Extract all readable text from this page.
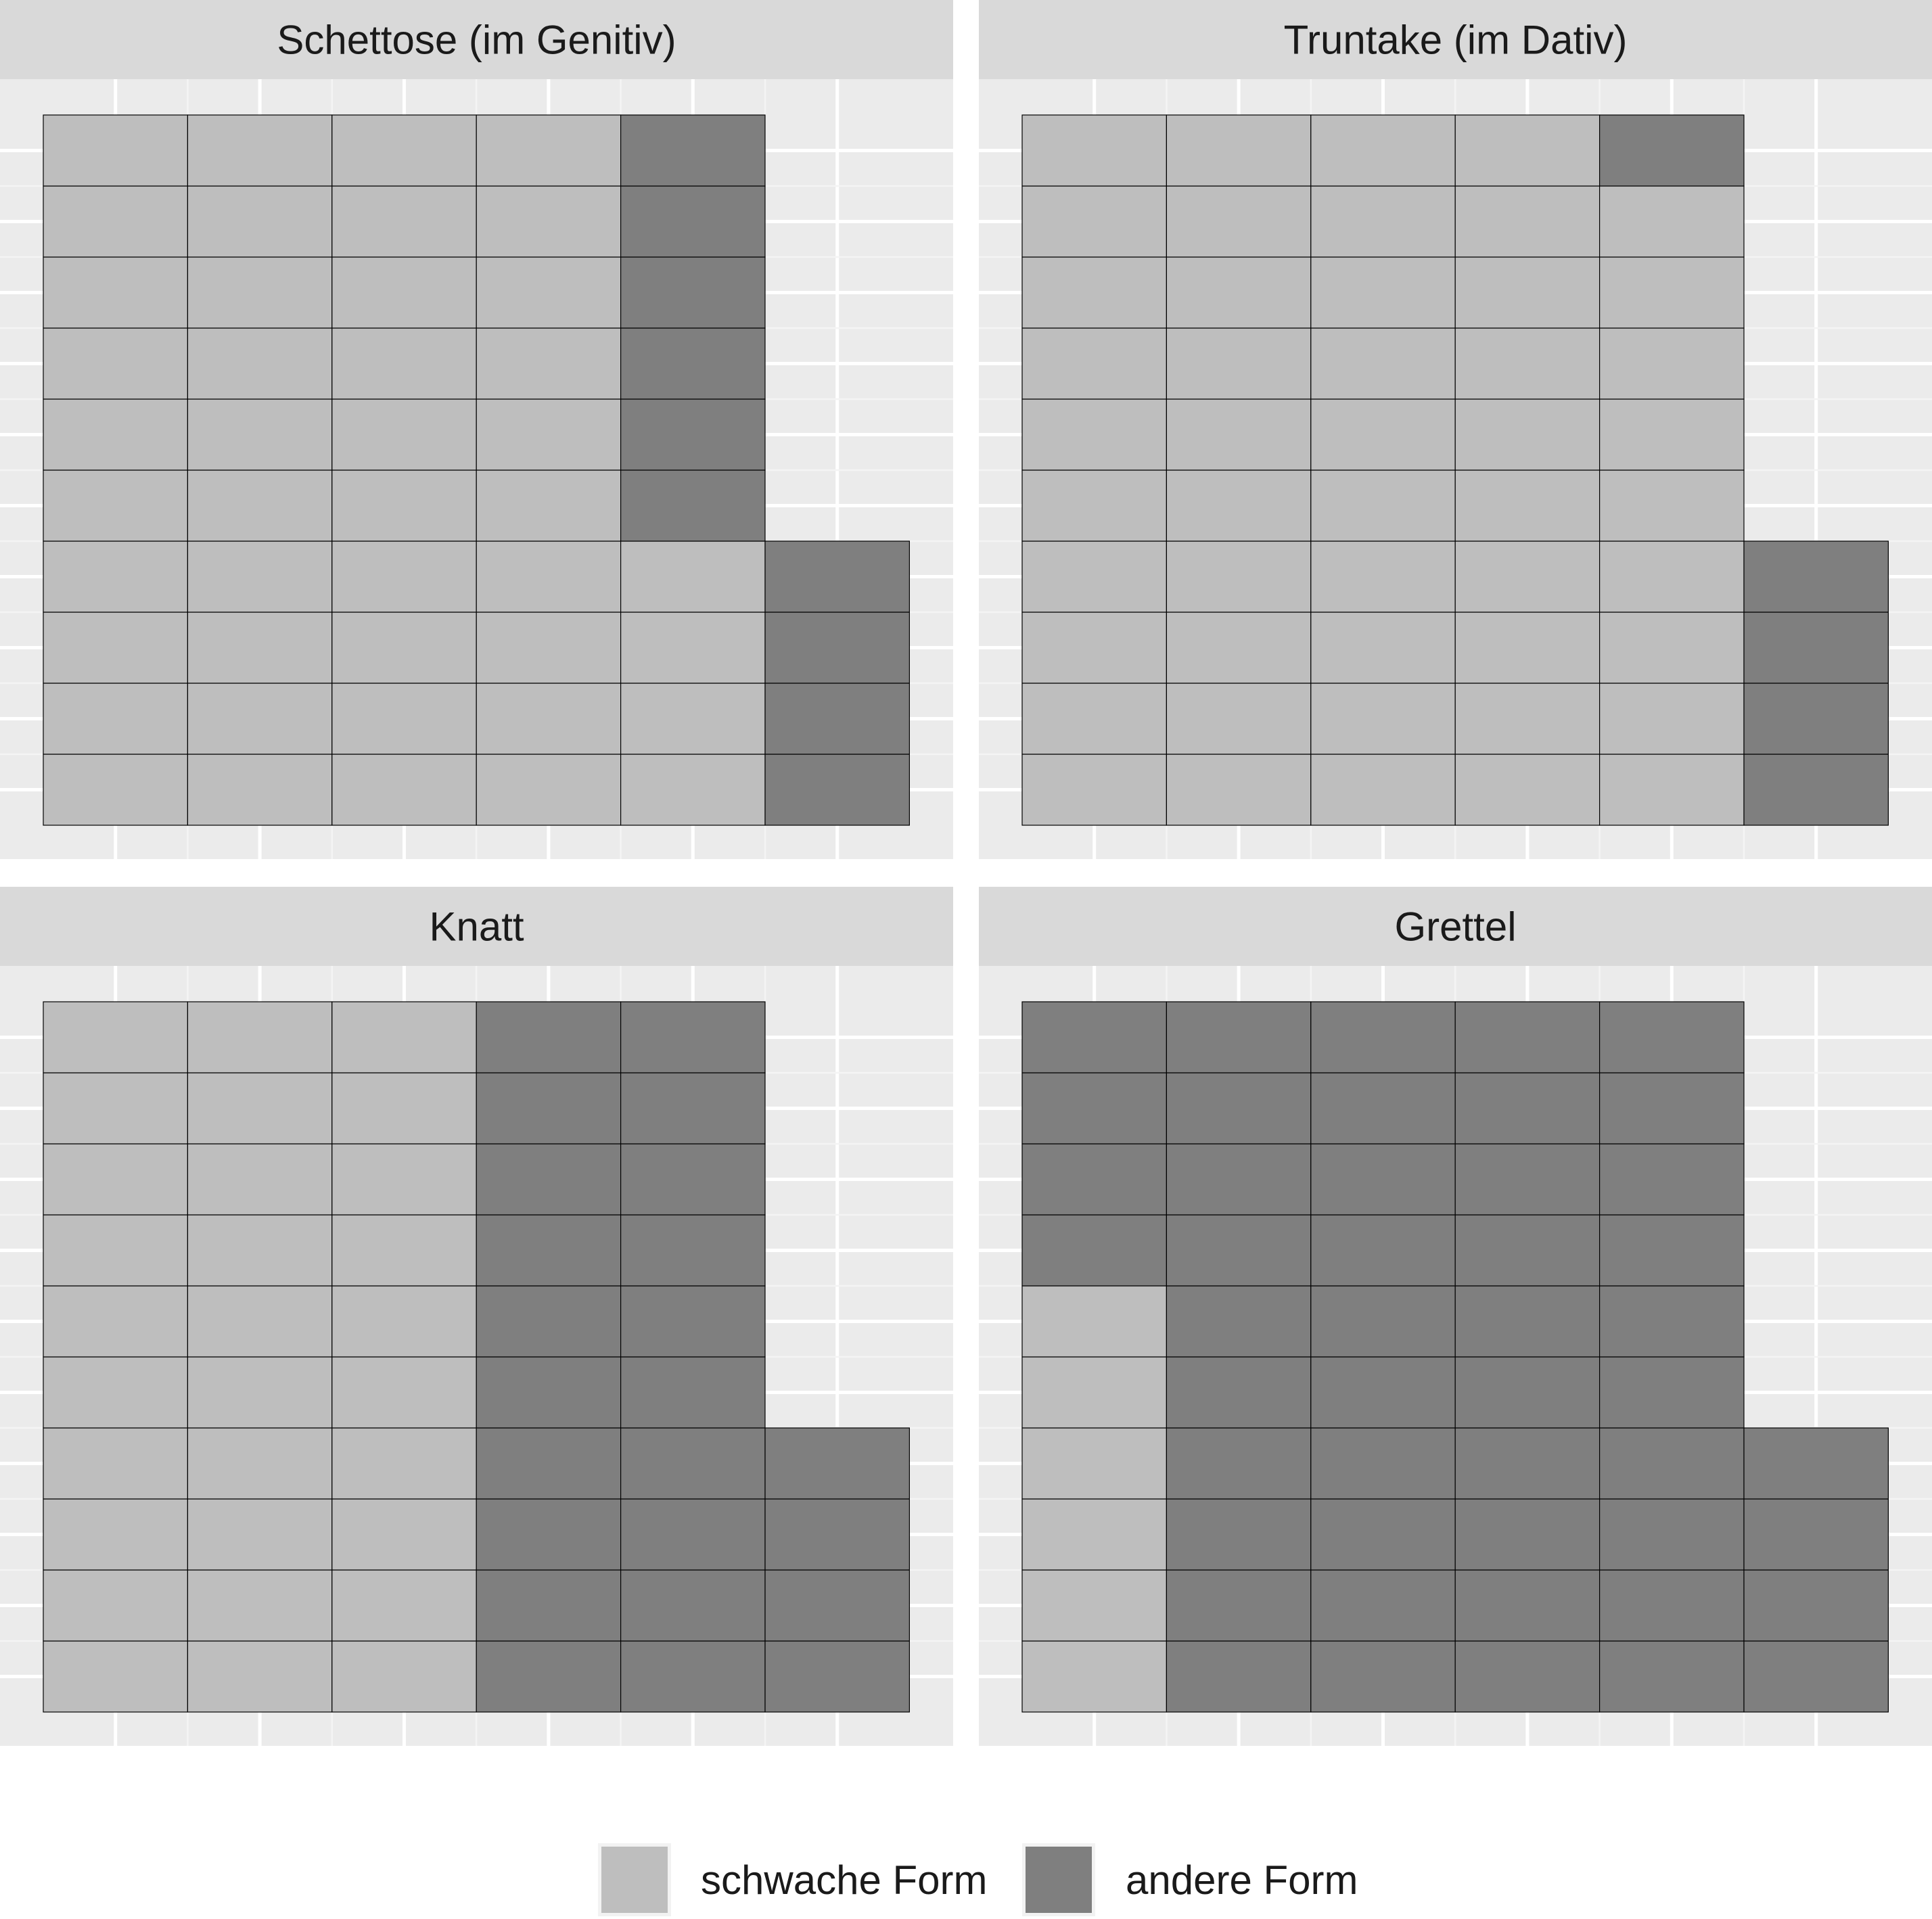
Schettose (im Genitiv)	Truntake (im Dativ)
Knatt	Grettel
schwache Form	andere Form
